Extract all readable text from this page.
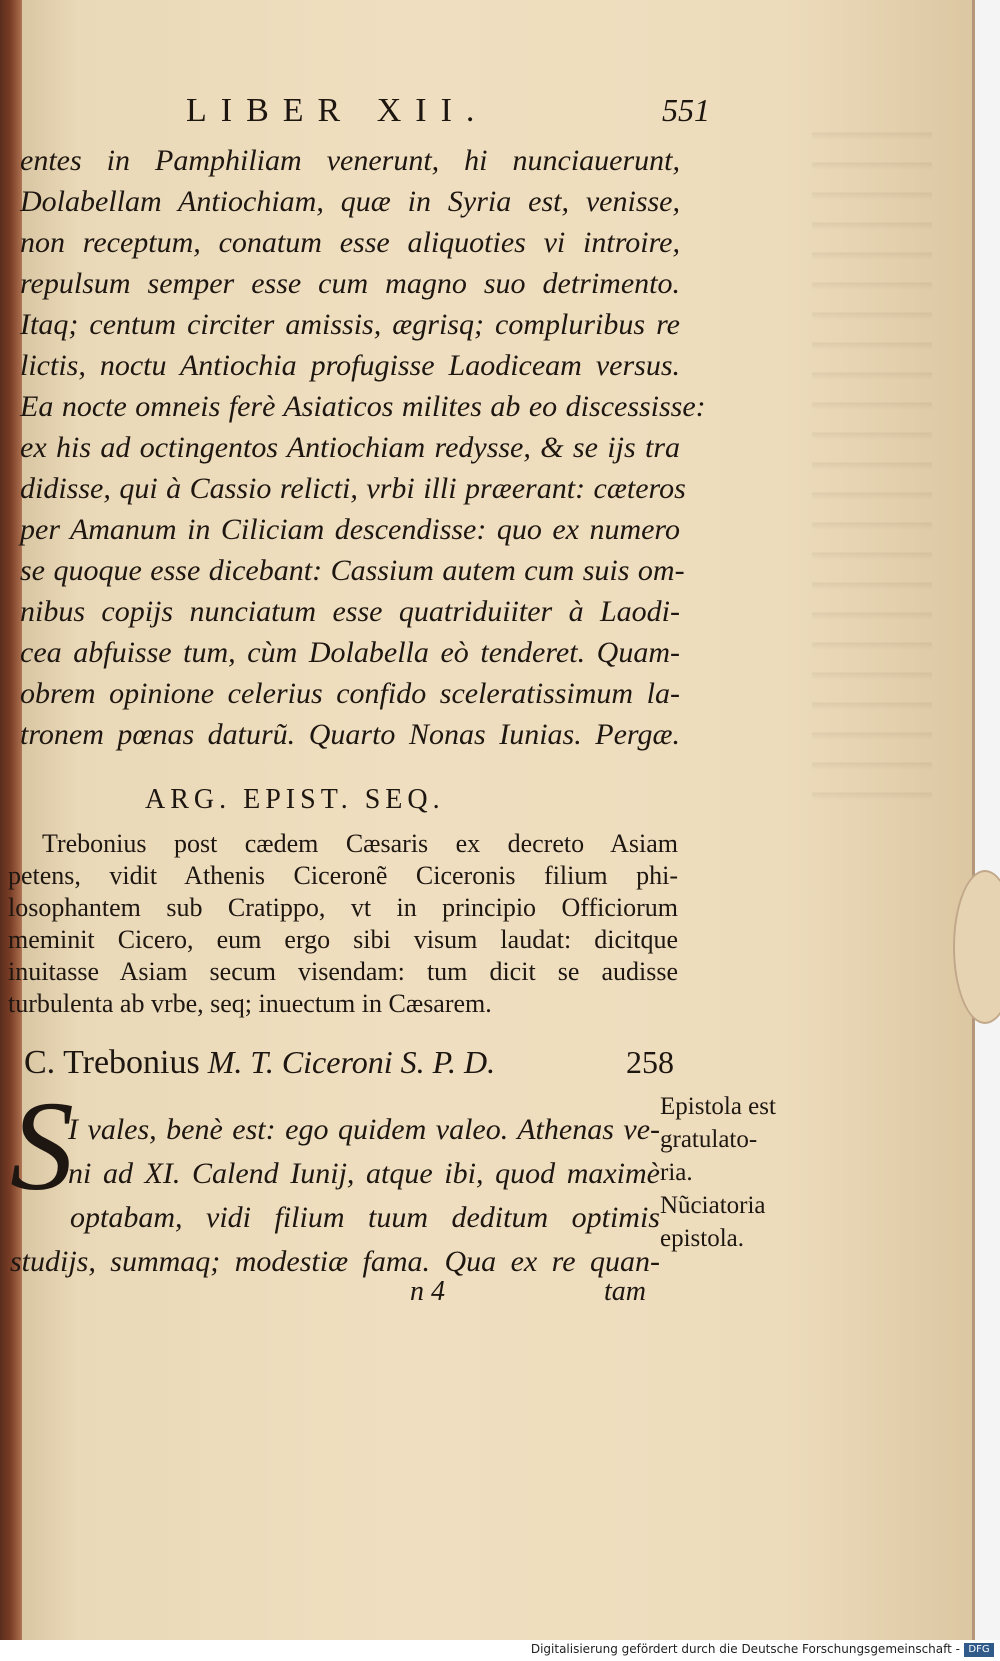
LIBER XII.	551
entes in Pamphiliam venerunt, hi nunciauerunt,
Dolabellam Antiochiam, quæ in Syria est, venisse,
non receptum, conatum esse aliquoties vi introire,
repulsum semper esse cum magno suo detrimento.
Itaq; centum circiter amissis, ægrisq; compluribus re
lictis, noctu Antiochia profugisse Laodiceam versus.
Ea nocte omneis ferè Asiaticos milites ab eo discessisse:
ex his ad octingentos Antiochiam redysse, & se ijs tra
didisse, qui à Cassio relicti, vrbi illi præerant: cæteros
per Amanum in Ciliciam descendisse: quo ex numero
se quoque esse dicebant: Cassium autem cum suis om-
nibus copijs nunciatum esse quatriduiiter à Laodi-
cea abfuisse tum, cùm Dolabella eò tenderet. Quam-
obrem opinione celerius confido sceleratissimum la-
tronem pœnas daturũ. Quarto Nonas Iunias. Pergæ.
ARG. EPIST. SEQ.
Trebonius post cædem Cæsaris ex decreto Asiam
petens, vidit Athenis Ciceronẽ Ciceronis filium phi-
losophantem sub Cratippo, vt in principio Officiorum
meminit Cicero, eum ergo sibi visum laudat: dicitque
inuitasse Asiam secum visendam: tum dicit se audisse
turbulenta ab vrbe, seq; inuectum in Cæsarem.
C. Trebonius M. T. Ciceroni S. P. D.	258
S
I vales, benè est: ego quidem valeo. Athenas ve-
ni ad XI. Calend Iunij, atque ibi, quod maximè
optabam, vidi filium tuum deditum optimis
studijs, summaq; modestiæ fama. Qua ex re quan-
n 4	tam
Epistola est
gratulato-
ria.
Nũciatoria
epistola.
Digitalisierung gefördert durch die Deutsche Forschungsgemeinschaft - DFG
